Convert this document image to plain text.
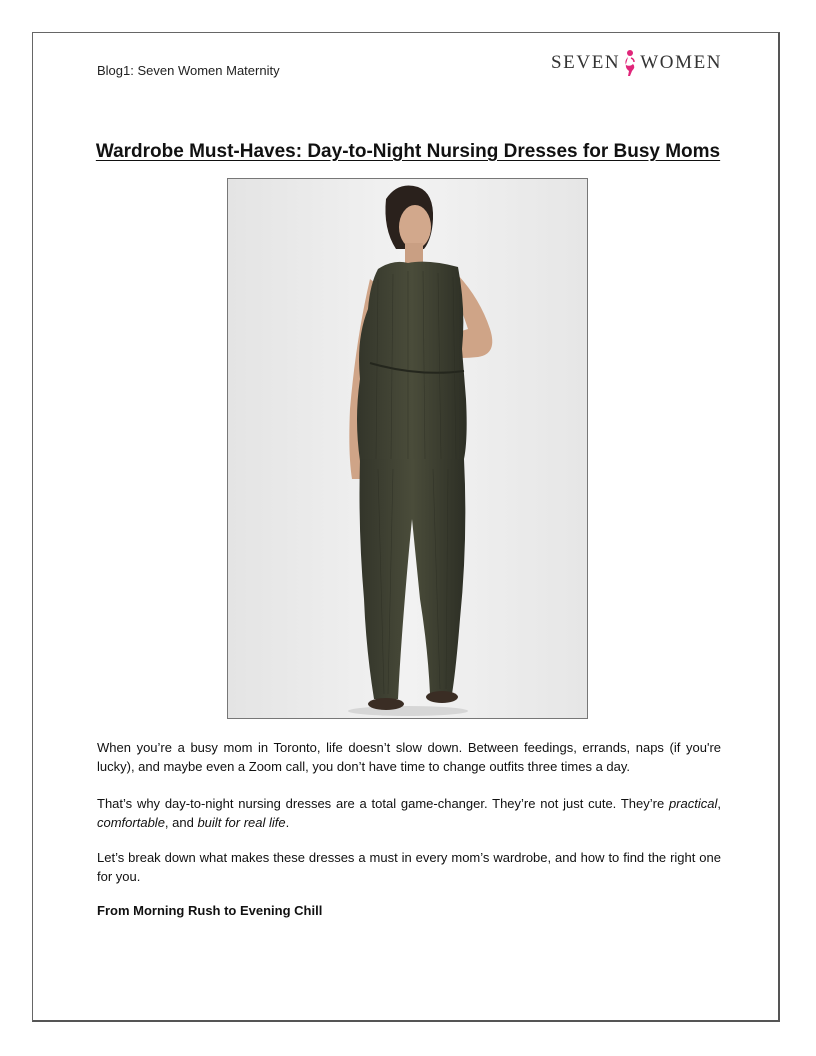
Blog1: Seven Women Maternity	SEVEN WOMEN
Wardrobe Must-Haves: Day-to-Night Nursing Dresses for Busy Moms

When you’re a busy mom in Toronto, life doesn’t slow down. Between feedings, errands, naps (if you're lucky), and maybe even a Zoom call, you don’t have time to change outfits three times a day.

That’s why day-to-night nursing dresses are a total game-changer. They’re not just cute. They’re practical, comfortable, and built for real life.

Let’s break down what makes these dresses a must in every mom’s wardrobe, and how to find the right one for you.

From Morning Rush to Evening Chill
